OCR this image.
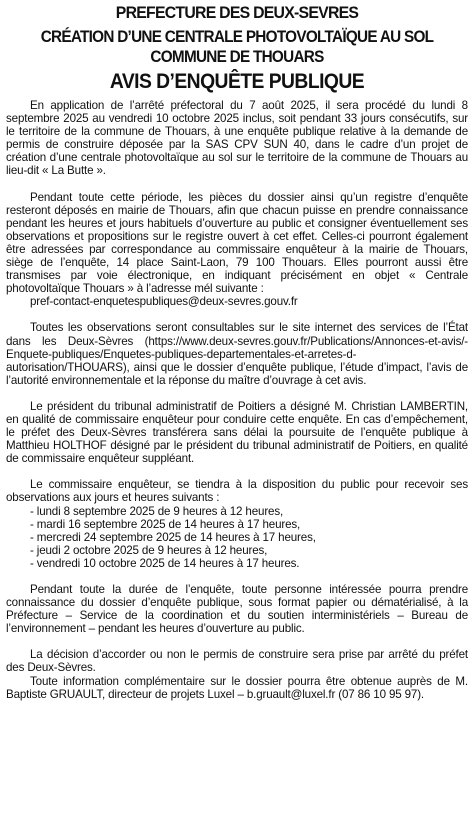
PREFECTURE DES DEUX-SEVRES
CRÉATION D’UNE CENTRALE PHOTOVOLTAÏQUE AU SOL
COMMUNE DE THOUARS
AVIS D’ENQUÊTE PUBLIQUE

En application de l’arrêté préfectoral du 7 août 2025, il sera procédé du lundi 8 septembre 2025 au vendredi 10 octobre 2025 inclus, soit pendant 33 jours consécutifs, sur le territoire de la commune de Thouars, à une enquête publique relative à la demande de permis de construire déposée par la SAS CPV SUN 40, dans le cadre d’un projet de création d’une centrale photovoltaïque au sol sur le territoire de la commune de Thouars au lieu-dit « La Butte ».

Pendant toute cette période, les pièces du dossier ainsi qu’un registre d’enquête resteront déposés en mairie de Thouars, afin que chacun puisse en prendre connaissance pendant les heures et jours habituels d’ouverture au public et consigner éventuellement ses observations et propositions sur le registre ouvert à cet effet. Celles-ci pourront également être adressées par correspondance au commissaire enquêteur à la mairie de Thouars, siège de l’enquête, 14 place Saint-Laon, 79 100 Thouars. Elles pourront aussi être transmises par voie électronique, en indiquant précisément en objet « Centrale photovoltaïque Thouars » à l’adresse mél suivante :

pref-contact-enquetespubliques@deux-sevres.gouv.fr

Toutes les observations seront consultables sur le site internet des services de l’État dans les Deux-Sèvres (https://www.deux-sevres.gouv.fr/Publications/Annonces-et-avis/-Enquete-publiques/Enquetes-publiques-departementales-et-arretes-d-autorisation/THOUARS), ainsi que le dossier d’enquête publique, l’étude d’impact, l’avis de l’autorité environnementale et la réponse du maître d’ouvrage à cet avis.

Le président du tribunal administratif de Poitiers a désigné M. Christian LAMBERTIN, en qualité de commissaire enquêteur pour conduire cette enquête. En cas d’empêchement, le préfet des Deux-Sèvres transférera sans délai la poursuite de l’enquête publique à Matthieu HOLTHOF désigné par le président du tribunal administratif de Poitiers, en qualité de commissaire enquêteur suppléant.

Le commissaire enquêteur, se tiendra à la disposition du public pour recevoir ses observations aux jours et heures suivants :

- lundi 8 septembre 2025 de 9 heures à 12 heures,
- mardi 16 septembre 2025 de 14 heures à 17 heures,
- mercredi 24 septembre 2025 de 14 heures à 17 heures,
- jeudi 2 octobre 2025 de 9 heures à 12 heures,
- vendredi 10 octobre 2025 de 14 heures à 17 heures.

Pendant toute la durée de l’enquête, toute personne intéressée pourra prendre connaissance du dossier d’enquête publique, sous format papier ou dématérialisé, à la Préfecture – Service de la coordination et du soutien interministériels – Bureau de l’environnement – pendant les heures d’ouverture au public.

La décision d’accorder ou non le permis de construire sera prise par arrêté du préfet des Deux-Sèvres.

Toute information complémentaire sur le dossier pourra être obtenue auprès de M. Baptiste GRUAULT, directeur de projets Luxel – b.gruault@luxel.fr (07 86 10 95 97).
